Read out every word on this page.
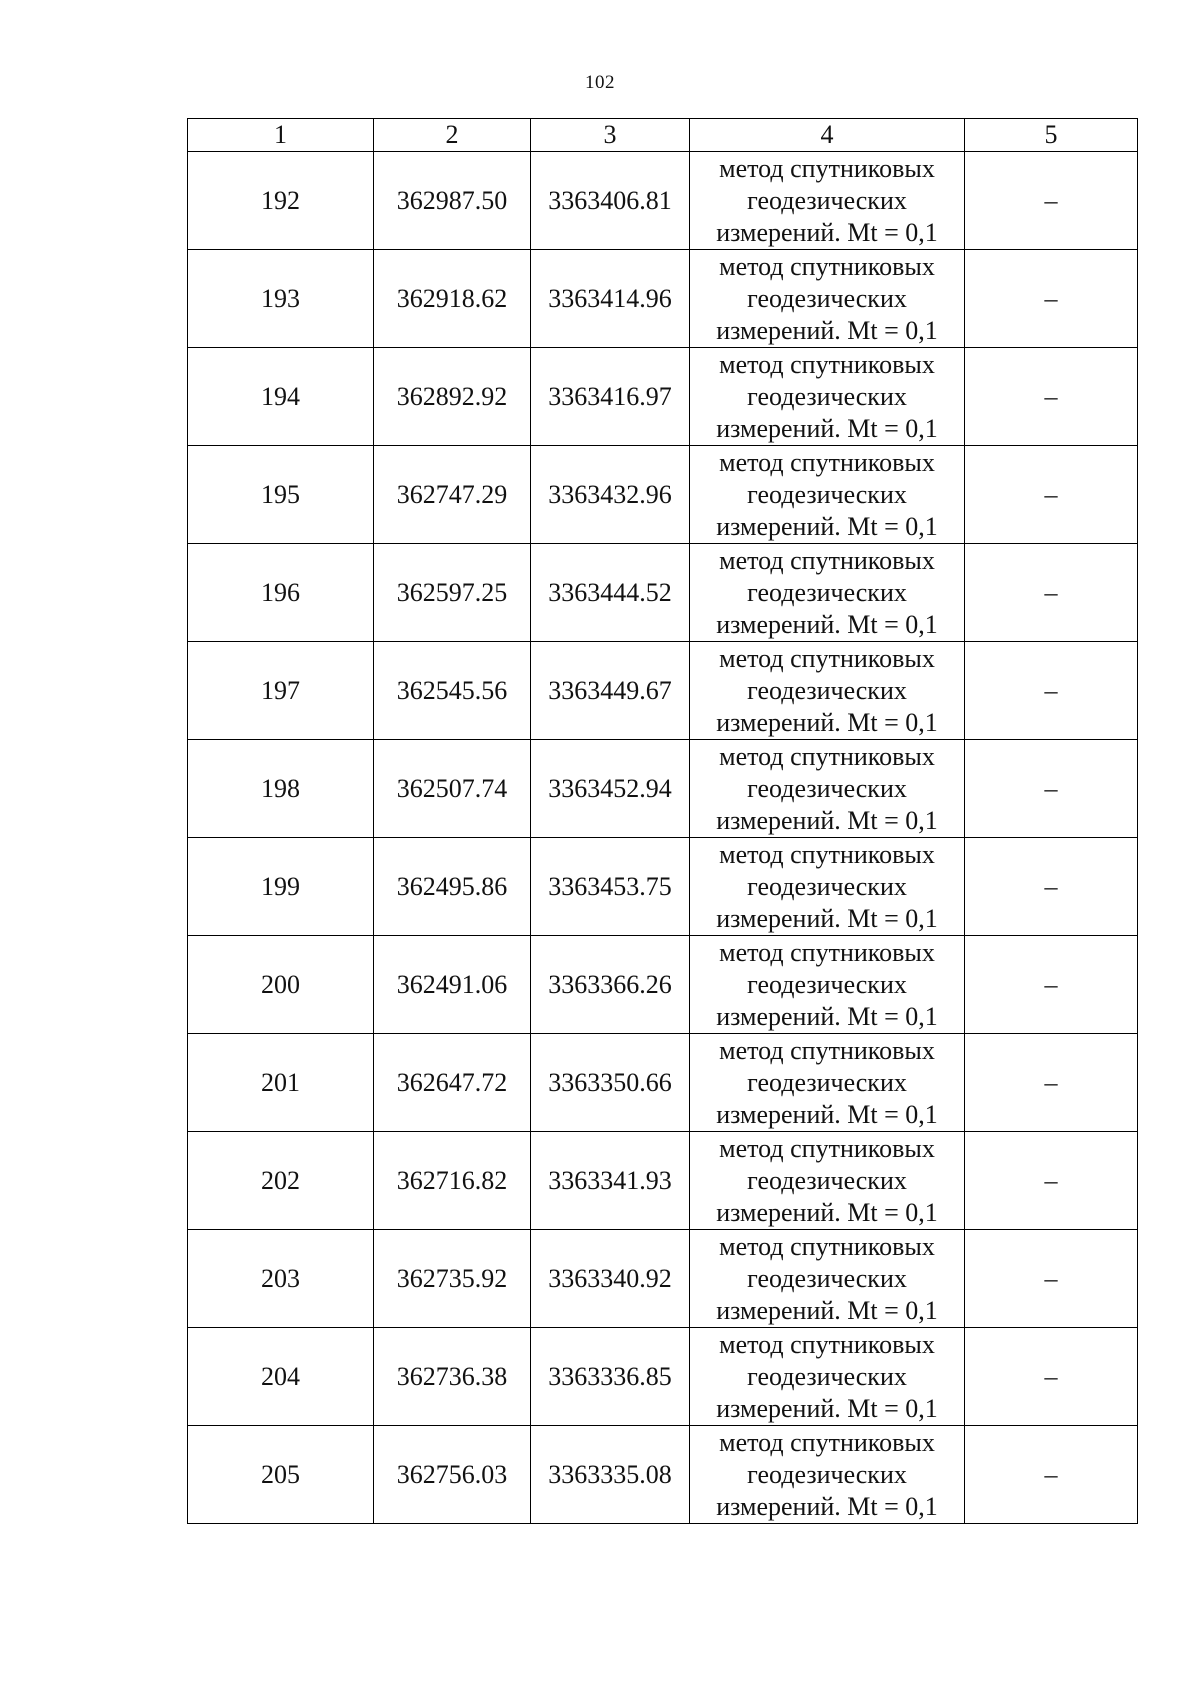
102
1	2	3	4	5
192	362987.50	3363406.81	метод спутниковых
геодезических
измерений. Mt = 0,1	–
193	362918.62	3363414.96	метод спутниковых
геодезических
измерений. Mt = 0,1	–
194	362892.92	3363416.97	метод спутниковых
геодезических
измерений. Mt = 0,1	–
195	362747.29	3363432.96	метод спутниковых
геодезических
измерений. Mt = 0,1	–
196	362597.25	3363444.52	метод спутниковых
геодезических
измерений. Mt = 0,1	–
197	362545.56	3363449.67	метод спутниковых
геодезических
измерений. Mt = 0,1	–
198	362507.74	3363452.94	метод спутниковых
геодезических
измерений. Mt = 0,1	–
199	362495.86	3363453.75	метод спутниковых
геодезических
измерений. Mt = 0,1	–
200	362491.06	3363366.26	метод спутниковых
геодезических
измерений. Mt = 0,1	–
201	362647.72	3363350.66	метод спутниковых
геодезических
измерений. Mt = 0,1	–
202	362716.82	3363341.93	метод спутниковых
геодезических
измерений. Mt = 0,1	–
203	362735.92	3363340.92	метод спутниковых
геодезических
измерений. Mt = 0,1	–
204	362736.38	3363336.85	метод спутниковых
геодезических
измерений. Mt = 0,1	–
205	362756.03	3363335.08	метод спутниковых
геодезических
измерений. Mt = 0,1	–
